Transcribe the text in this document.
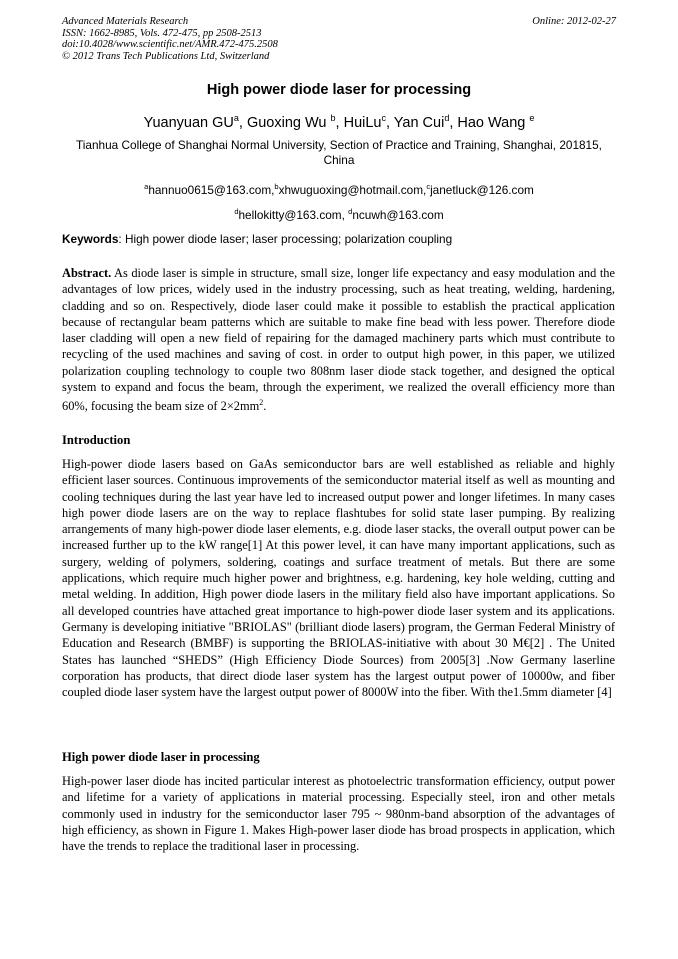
Advanced Materials Research
ISSN: 1662-8985, Vols. 472-475, pp 2508-2513
doi:10.4028/www.scientific.net/AMR.472-475.2508
© 2012 Trans Tech Publications Ltd, Switzerland
Online: 2012-02-27
High power diode laser for processing
Yuanyuan $GU^a$, Guoxing Wu $^b$, HuiLu$^c$, Yan Cui$^d$, Hao Wang $^e$
Tianhua College of Shanghai Normal University, Section of Practice and Training, Shanghai, 201815, China
$^a$hannuo0615@163.com,$^b$xhwuguoxing@hotmail.com,$^c$janetluck@126.com
$^d$hellokitty@163.com, $^d$ncuwh@163.com
Keywords: High power diode laser; laser processing; polarization coupling
Abstract. As diode laser is simple in structure, small size, longer life expectancy and easy modulation and the advantages of low prices, widely used in the industry processing, such as heat treating, welding, hardening, cladding and so on. Respectively, diode laser could make it possible to establish the practical application because of rectangular beam patterns which are suitable to make fine bead with less power. Therefore diode laser cladding will open a new field of repairing for the damaged machinery parts which must contribute to recycling of the used machines and saving of cost. in order to output high power, in this paper, we utilized polarization coupling technology to couple two 808nm laser diode stack together, and designed the optical system to expand and focus the beam, through the experiment, we realized the overall efficiency more than 60%, focusing the beam size of $2\times 2mm^2$.
Introduction
High-power diode lasers based on GaAs semiconductor bars are well established as reliable and highly efficient laser sources. Continuous improvements of the semiconductor material itself as well as mounting and cooling techniques during the last year have led to increased output power and longer lifetimes. In many cases high power diode lasers are on the way to replace flashtubes for solid state laser pumping. By realizing arrangements of many high-power diode laser elements, e.g. diode laser stacks, the overall output power can be increased further up to the kW range[1] At this power level, it can have many important applications, such as surgery, welding of polymers, soldering, coatings and surface treatment of metals. But there are some applications, which require much higher power and brightness, e.g. hardening, key hole welding, cutting and metal welding. In addition, High power diode lasers in the military field also have important applications. So all developed countries have attached great importance to high-power diode laser system and its applications. Germany is developing initiative "BRIOLAS" (brilliant diode lasers) program, the German Federal Ministry of Education and Research (BMBF) is supporting the BRIOLAS-initiative with about 30 M€[2] . The United States has launched “SHEDS” (High Efficiency Diode Sources) from 2005[3] .Now Germany laserline corporation has products, that direct diode laser system has the largest output power of 10000w, and fiber coupled diode laser system have the largest output power of 8000W into the fiber. With the1.5mm diameter [4]
High power diode laser in processing
High-power laser diode has incited particular interest as photoelectric transformation efficiency, output power and lifetime for a variety of applications in material processing. Especially steel, iron and other metals commonly used in industry for the semiconductor laser 795 ~ 980nm-band absorption of the advantages of high efficiency, as shown in Figure 1. Makes High-power laser diode has broad prospects in application, which have the trends to replace the traditional laser in processing.
